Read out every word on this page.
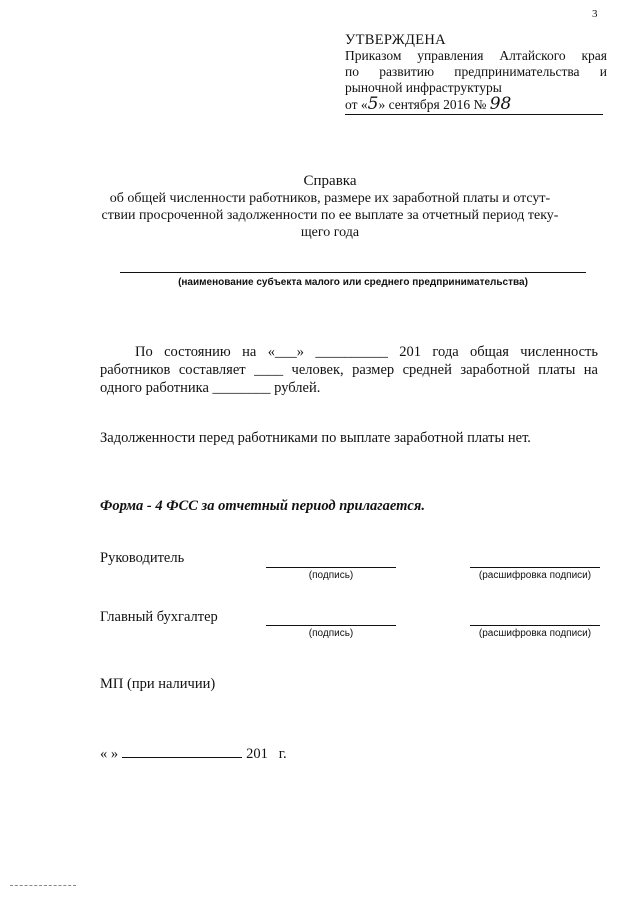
3
УТВЕРЖДЕНА
Приказом управления Алтайского края
по развитию предпринимательства и
рыночной инфраструктуры
от «5» сентября 2016 № 98
Справка
об общей численности работников, размере их заработной платы и отсут-
ствии просроченной задолженности по ее выплате за отчетный период теку-
щего года
(наименование субъекта малого или среднего предпринимательства)
По состоянию на «___» __________ 201 года общая численность работников составляет ____ человек, размер средней заработной платы на одного работника ________ рублей.
Задолженности перед работниками по выплате заработной платы нет.
Форма - 4 ФСС за отчетный период прилагается.
Руководитель
(подпись)	(расшифровка подписи)
Главный бухгалтер
(подпись)	(расшифровка подписи)
МП (при наличии)
« »	201 г.
